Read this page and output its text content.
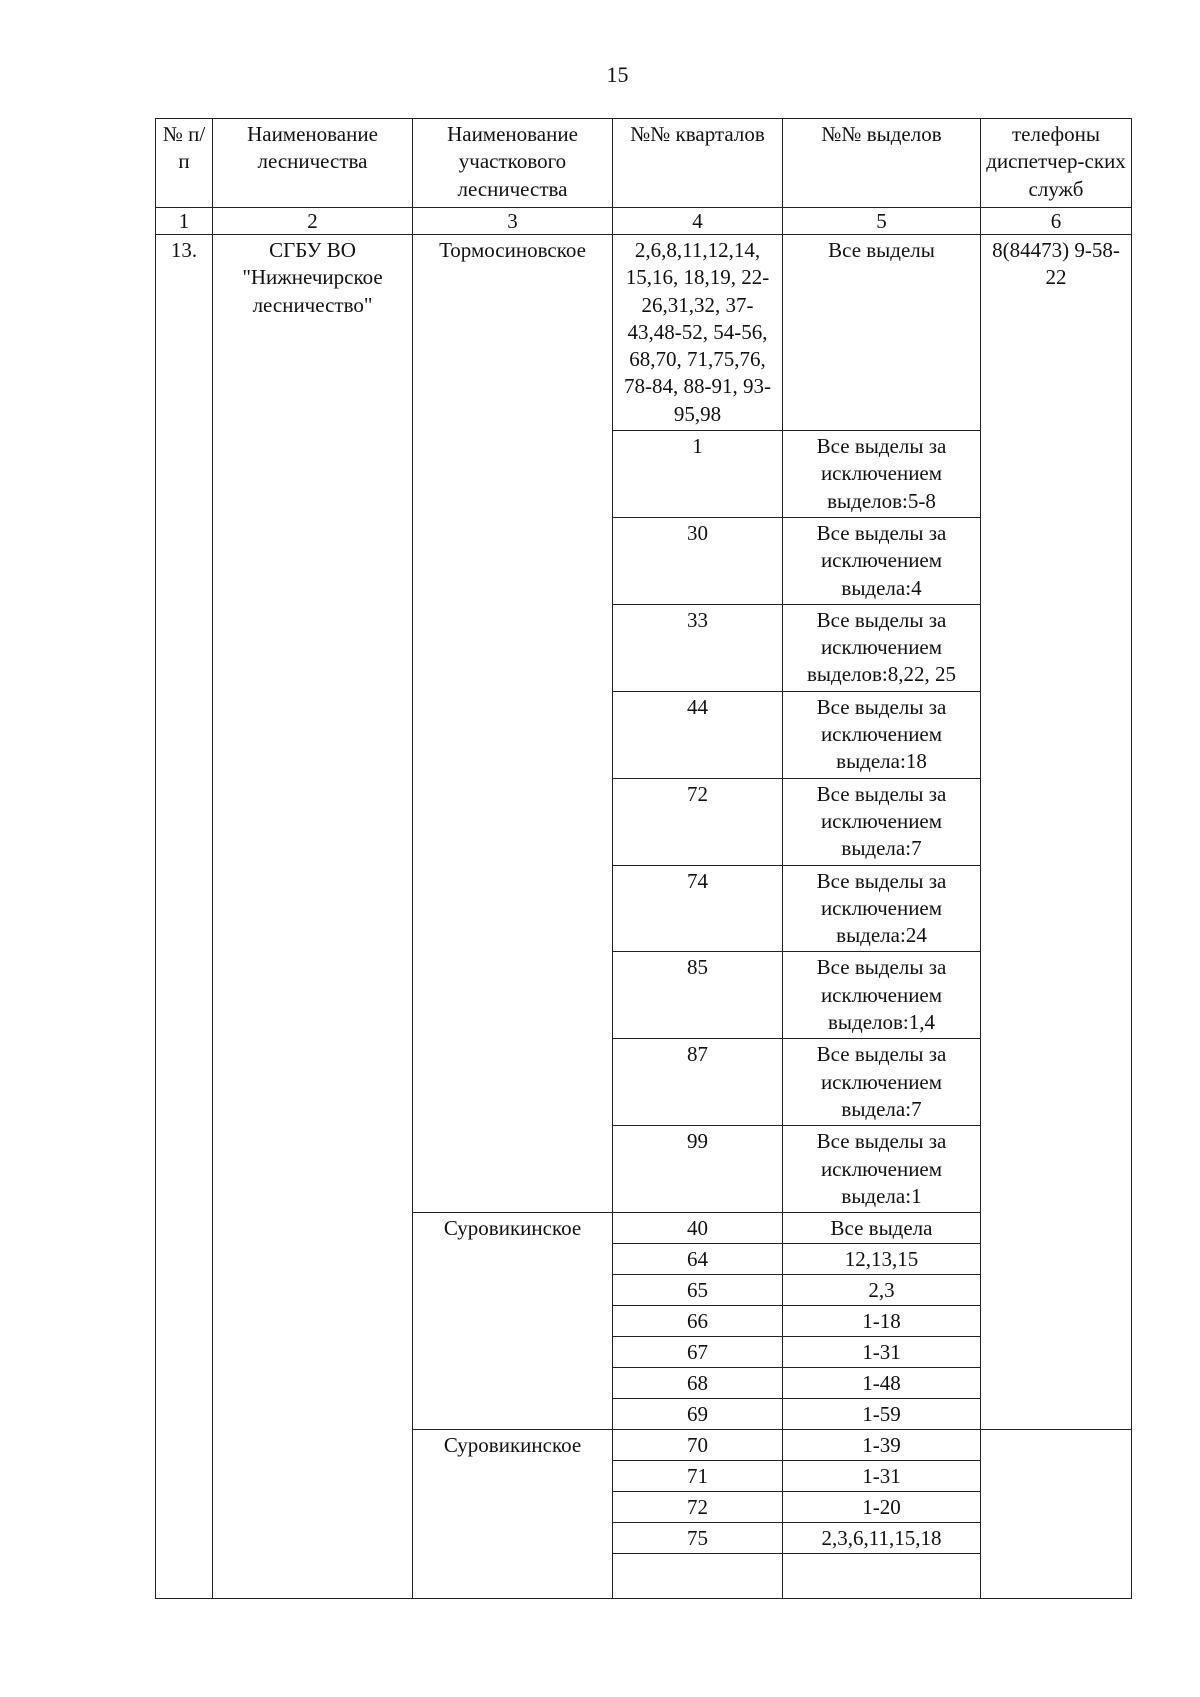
15
№ п/п	Наименование лесничества	Наименование участкового лесничества	№№ кварталов	№№ выделов	телефоны диспетчер-ских служб
1	2	3	4	5	6
13.	СГБУ ВО "Нижнечирское лесничество"	Тормосиновское	2,6,8,11,12,14, 15,16, 18,19, 22-26,31,32, 37-43,48-52, 54-56, 68,70, 71,75,76, 78-84, 88-91, 93-95,98	Все выделы	8(84473) 9-58-22
			1	Все выделы за исключением выделов:5-8	
			30	Все выделы за исключением выдела:4	
			33	Все выделы за исключением выделов:8,22, 25	
			44	Все выделы за исключением выдела:18	
			72	Все выделы за исключением выдела:7	
			74	Все выделы за исключением выдела:24	
			85	Все выделы за исключением выделов:1,4	
			87	Все выделы за исключением выдела:7	
			99	Все выделы за исключением выдела:1	
		Суровикинское	40	Все выдела	
			64	12,13,15	
			65	2,3	
			66	1-18	
			67	1-31	
			68	1-48	
			69	1-59	
		Суровикинское	70	1-39	
			71	1-31	
			72	1-20	
			75	2,3,6,11,15,18	
